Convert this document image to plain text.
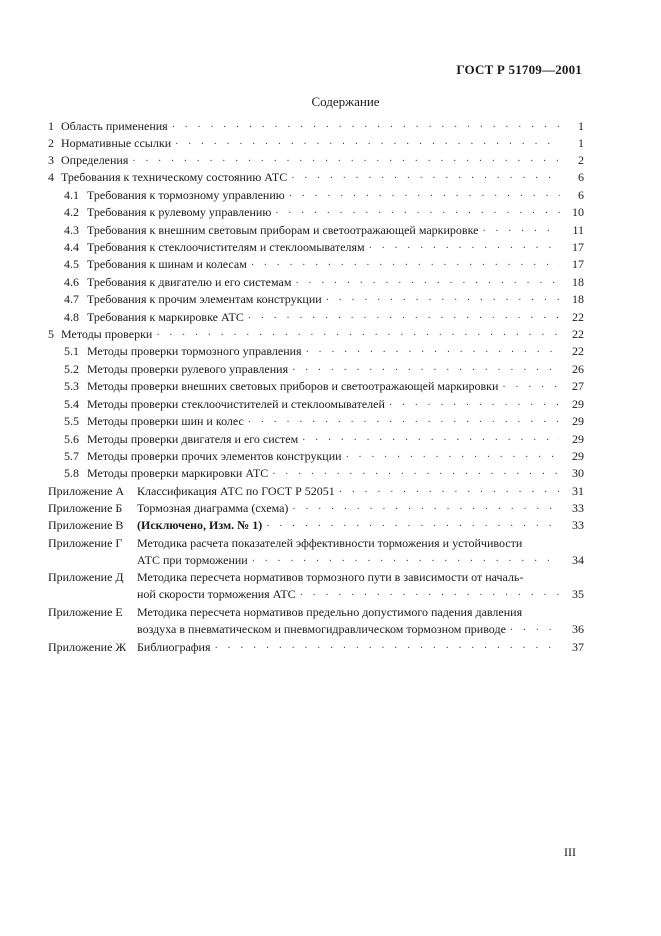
ГОСТ Р 51709—2001
Содержание
1 Область применения · · ·	1
2 Нормативные ссылки · · ·	1
3 Определения · · ·	2
4 Требования к техническому состоянию АТС · · ·	6
4.1 Требования к тормозному управлению · · ·	6
4.2 Требования к рулевому управлению · · ·	10
4.3 Требования к внешним световым приборам и светоотражающей маркировке · · ·	11
4.4 Требования к стеклоочистителям и стеклоомывателям · · ·	17
4.5 Требования к шинам и колесам · · ·	17
4.6 Требования к двигателю и его системам · · ·	18
4.7 Требования к прочим элементам конструкции · · ·	18
4.8 Требования к маркировке АТС · · ·	22
5 Методы проверки · · ·	22
5.1 Методы проверки тормозного управления · · ·	22
5.2 Методы проверки рулевого управления · · ·	26
5.3 Методы проверки внешних световых приборов и светоотражающей маркировки · · ·	27
5.4 Методы проверки стеклоочистителей и стеклоомывателей · · ·	29
5.5 Методы проверки шин и колес · · ·	29
5.6 Методы проверки двигателя и его систем · · ·	29
5.7 Методы проверки прочих элементов конструкции · · ·	29
5.8 Методы проверки маркировки АТС · · ·	30
Приложение А Классификация АТС по ГОСТ Р 52051 · · ·	31
Приложение Б Тормозная диаграмма (схема) · · ·	33
Приложение В (Исключено, Изм. № 1) · · ·	33
Приложение Г Методика расчета показателей эффективности торможения и устойчивости
АТС при торможении · · ·	34
Приложение Д Методика пересчета нормативов тормозного пути в зависимости от началь-
ной скорости торможения АТС · · ·	35
Приложение Е Методика пересчета нормативов предельно допустимого падения давления
воздуха в пневматическом и пневмогидравлическом тормозном приводе · · ·	36
Приложение Ж Библиография · · ·	37
III
